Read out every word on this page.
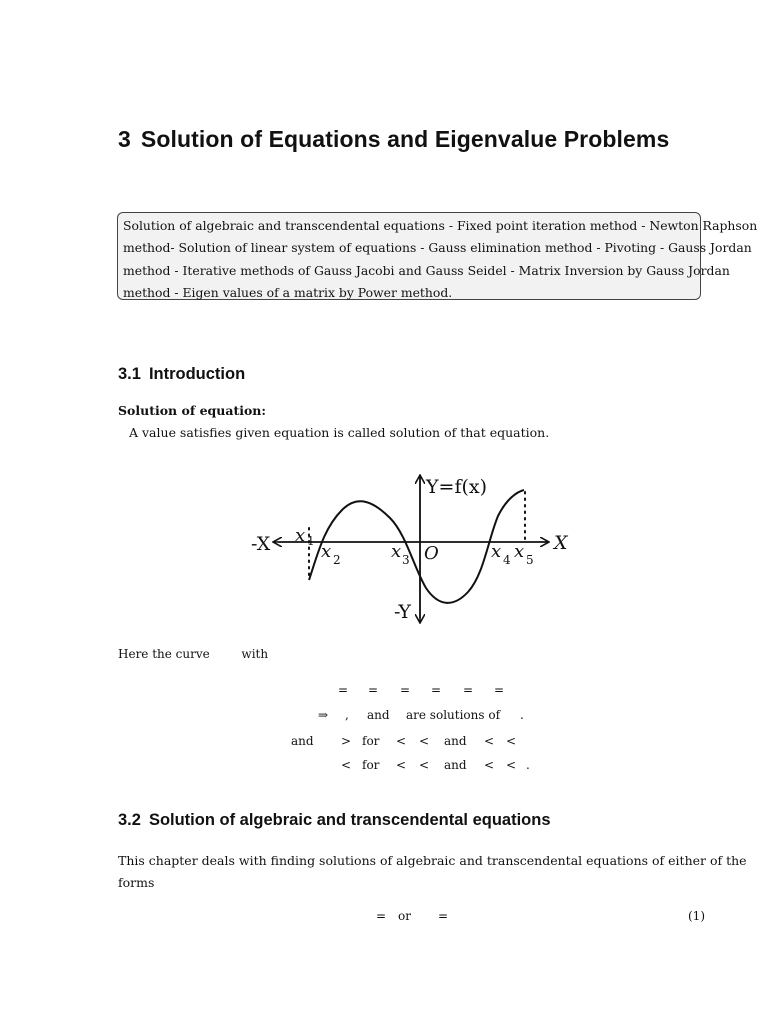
3 Solution of Equations and Eigenvalue Problems
Solution of algebraic and transcendental equations - Fixed point iteration method - Newton Raphson
method- Solution of linear system of equations - Gauss elimination method - Pivoting - Gauss Jordan
method - Iterative methods of Gauss Jacobi and Gauss Seidel - Matrix Inversion by Gauss Jordan
method - Eigen values of a matrix by Power method.
3.1 Introduction
Solution of equation:
A value satisfies given equation is called solution of that equation.
Y=f(x)
-Y
X
-X	O
x 1 x 2	x 3	x 4 x 5
Here the curve	with
= = = = = =
⇒ , and are solutions of .
and > for < < and < <
< for < < and < < .
3.2 Solution of algebraic and transcendental equations
This chapter deals with finding solutions of algebraic and transcendental equations of either of the
forms
= or =	(1)
